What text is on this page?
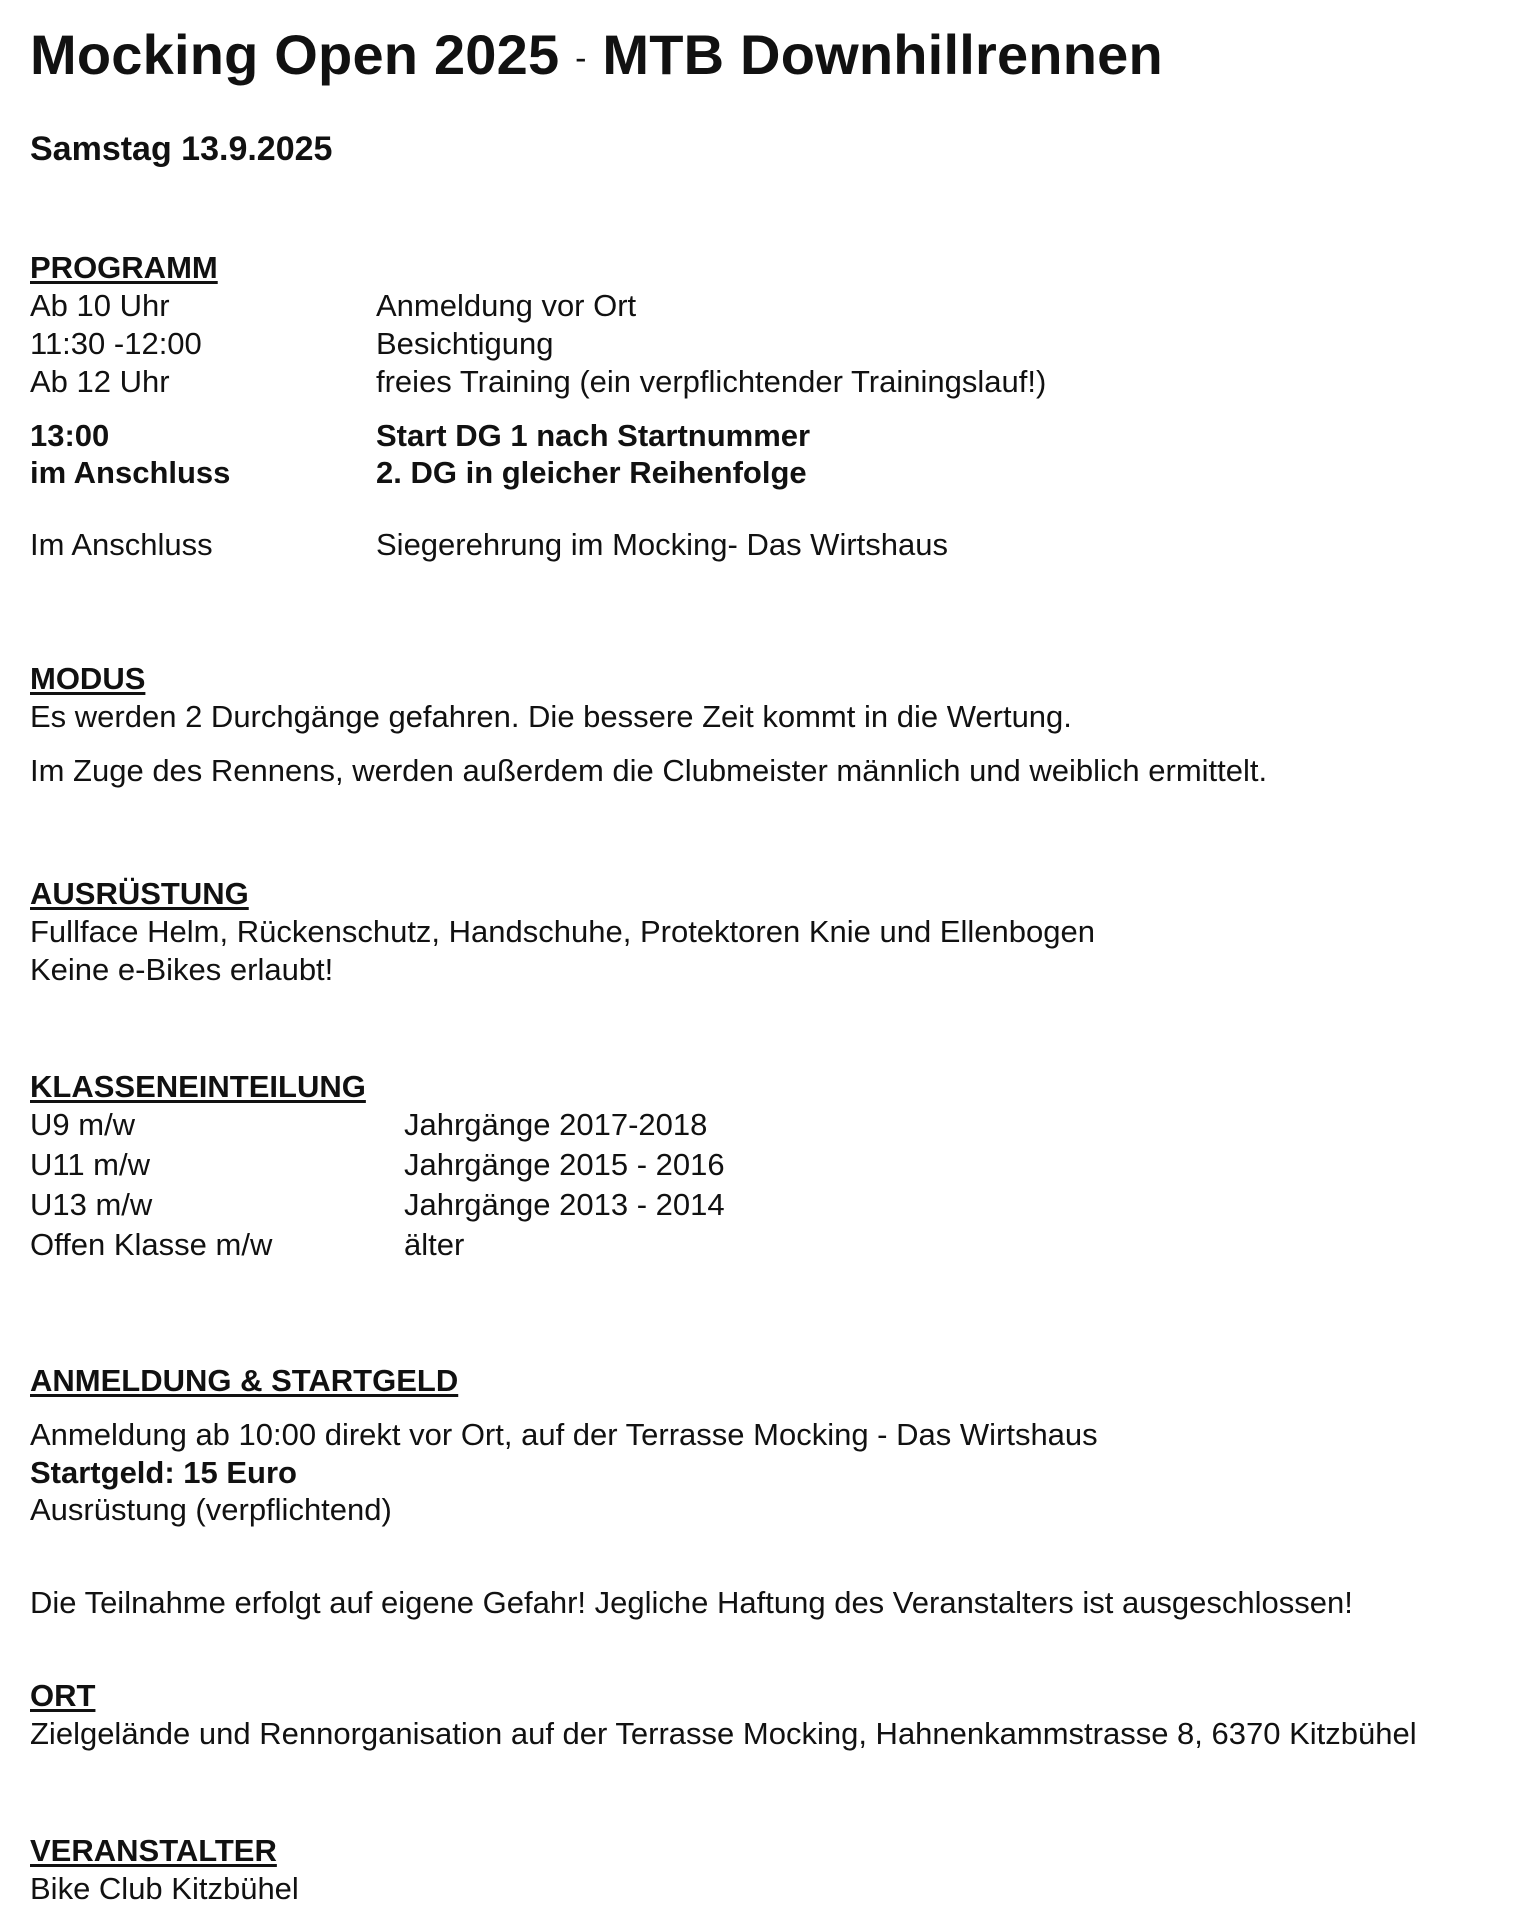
Mocking Open 2025 - MTB Downhillrennen
Samstag 13.9.2025
PROGRAMM
Ab 10 Uhr	Anmeldung vor Ort
11:30 -12:00	Besichtigung
Ab 12 Uhr	freies Training (ein verpflichtender Trainingslauf!)
13:00	Start DG 1 nach Startnummer
im Anschluss	2. DG in gleicher Reihenfolge
Im Anschluss	Siegerehrung im Mocking- Das Wirtshaus
MODUS
Es werden 2 Durchgänge gefahren. Die bessere Zeit kommt in die Wertung.
Im Zuge des Rennens, werden außerdem die Clubmeister männlich und weiblich ermittelt.
AUSRÜSTUNG
Fullface Helm, Rückenschutz, Handschuhe, Protektoren Knie und Ellenbogen
Keine e-Bikes erlaubt!
KLASSENEINTEILUNG
U9 m/w	Jahrgänge 2017-2018
U11 m/w	Jahrgänge 2015 - 2016
U13 m/w	Jahrgänge 2013 - 2014
Offen Klasse m/w	älter
ANMELDUNG & STARTGELD
Anmeldung ab 10:00 direkt vor Ort, auf der Terrasse Mocking - Das Wirtshaus
Startgeld: 15 Euro
Ausrüstung (verpflichtend)
Die Teilnahme erfolgt auf eigene Gefahr! Jegliche Haftung des Veranstalters ist ausgeschlossen!
ORT
Zielgelände und Rennorganisation auf der Terrasse Mocking, Hahnenkammstrasse 8, 6370 Kitzbühel
VERANSTALTER
Bike Club Kitzbühel
